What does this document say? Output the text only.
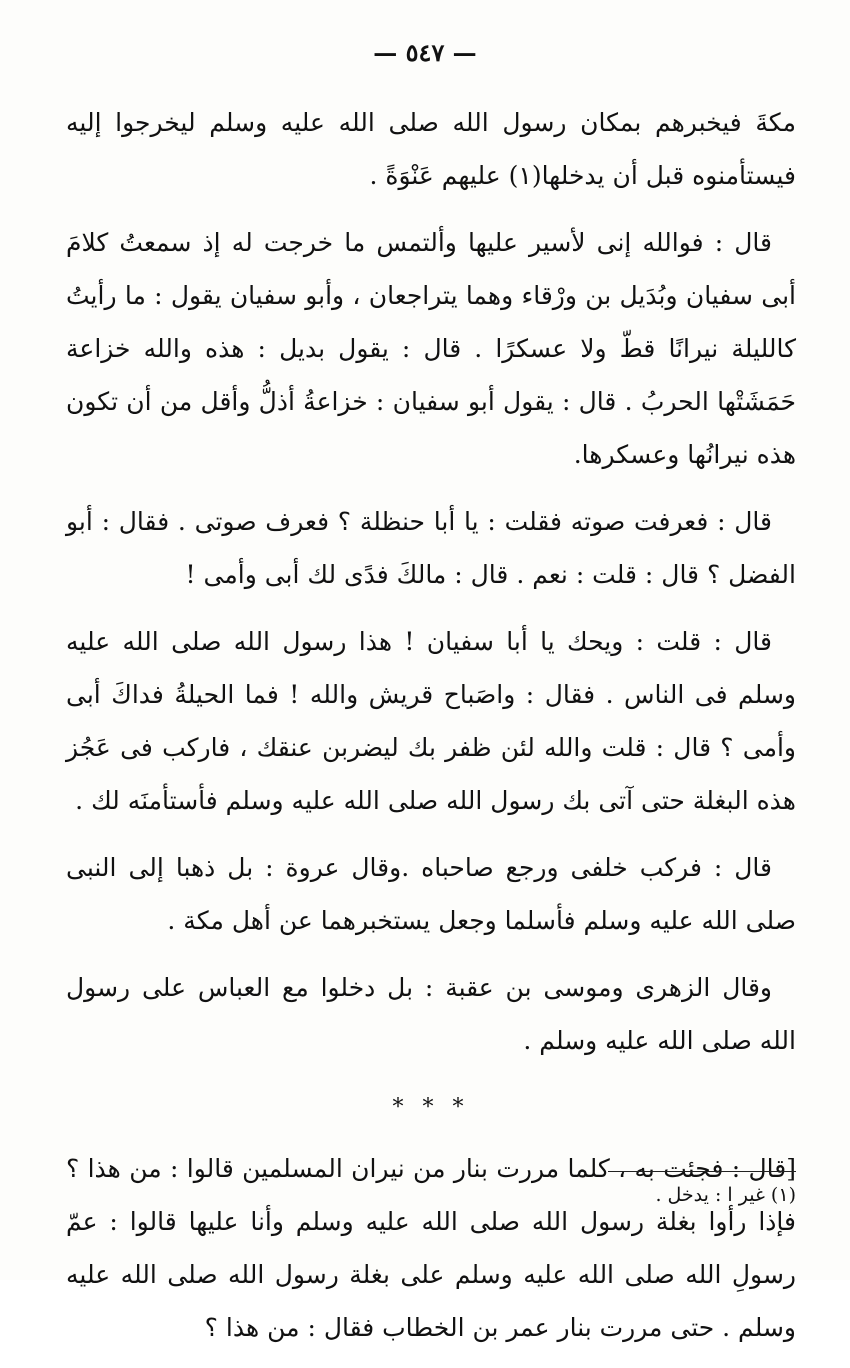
— ٥٤٧ —

مكةَ فيخبرهم بمكان رسول الله صلى الله عليه وسلم ليخرجوا إليه فيستأمنوه قبل أن يدخلها(١) عليهم عَنْوَةً .

قال : فوالله إنى لأسير عليها وألتمس ما خرجت له إذ سمعتُ كلامَ أبى سفيان وبُدَيل بن ورْقاء وهما يتراجعان ، وأبو سفيان يقول : ما رأيتُ كالليلة نيرانًا قطّ ولا عسكرًا . قال : يقول بديل : هذه والله خزاعة حَمَشَتْها الحربُ . قال : يقول أبو سفيان : خزاعةُ أذلُّ وأقل من أن تكون هذه نيرانُها وعسكرها.

قال : فعرفت صوته فقلت : يا أبا حنظلة ؟ فعرف صوتى . فقال : أبو الفضل ؟ قال : قلت : نعم . قال : مالكَ فدًى لك أبى وأمى !

قال : قلت : ويحك يا أبا سفيان ! هذا رسول الله صلى الله عليه وسلم فى الناس . فقال : واصَباح قريش والله ! فما الحيلةُ فداكَ أبى وأمى ؟ قال : قلت والله لئن ظفر بك ليضربن عنقك ، فاركب فى عَجُز هذه البغلة حتى آتى بك رسول الله صلى الله عليه وسلم فأستأمنَه لك .

قال : فركب خلفى ورجع صاحباه .وقال عروة : بل ذهبا إلى النبى صلى الله عليه وسلم فأسلما وجعل يستخبرهما عن أهل مكة .

وقال الزهرى وموسى بن عقبة : بل دخلوا مع العباس على رسول الله صلى الله عليه وسلم .

* * *

[قال : فجئت به ، كلما مررت بنار من نيران المسلمين قالوا : من هذا ؟ فإذا رأوا بغلة رسول الله صلى الله عليه وسلم وأنا عليها قالوا : عمّ رسولِ الله صلى الله عليه وسلم على بغلة رسول الله صلى الله عليه وسلم . حتى مررت بنار عمر بن الخطاب فقال : من هذا ؟

(١) غير ا : يدخل .
